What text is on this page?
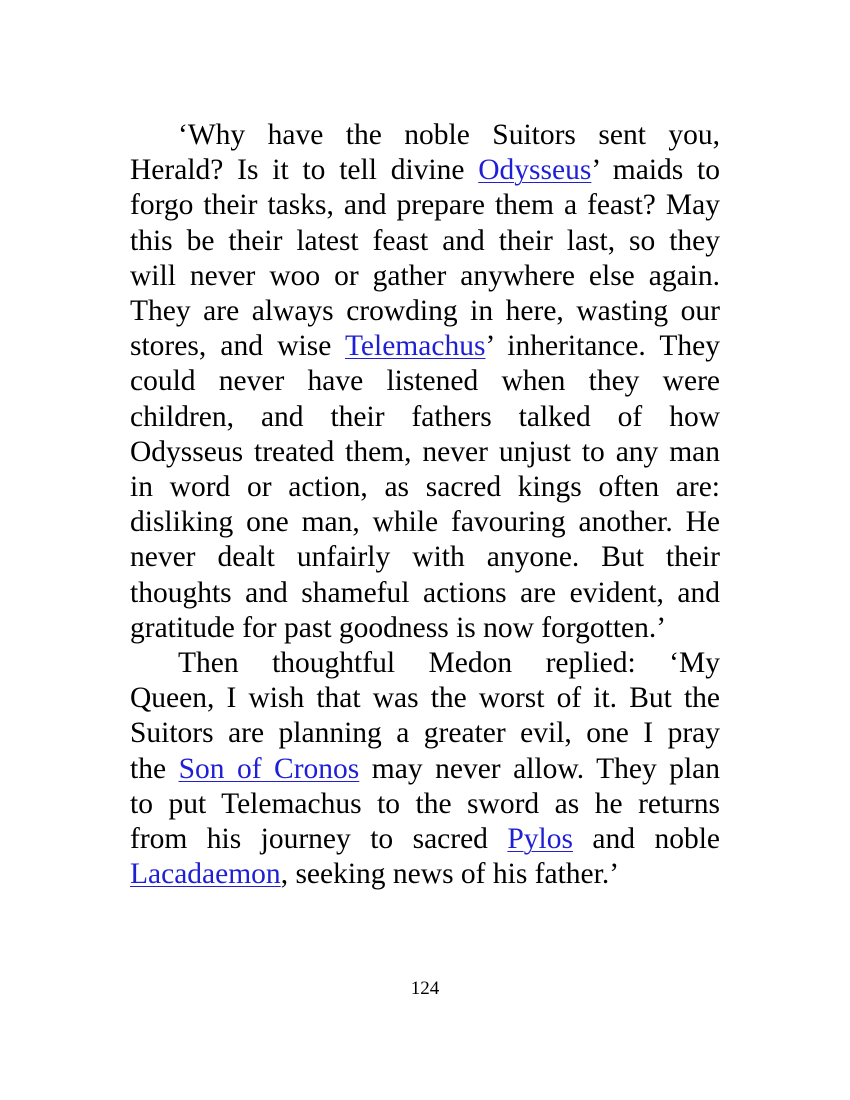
‘Why have the noble Suitors sent you,
Herald? Is it to tell divine Odysseus’ maids to
forgo their tasks, and prepare them a feast? May
this be their latest feast and their last, so they
will never woo or gather anywhere else again.
They are always crowding in here, wasting our
stores, and wise Telemachus’ inheritance. They
could never have listened when they were
children, and their fathers talked of how
Odysseus treated them, never unjust to any man
in word or action, as sacred kings often are:
disliking one man, while favouring another. He
never dealt unfairly with anyone. But their
thoughts and shameful actions are evident, and
gratitude for past goodness is now forgotten.’
Then thoughtful Medon replied: ‘My
Queen, I wish that was the worst of it. But the
Suitors are planning a greater evil, one I pray
the Son of Cronos may never allow. They plan
to put Telemachus to the sword as he returns
from his journey to sacred Pylos and noble
Lacadaemon, seeking news of his father.’
124
